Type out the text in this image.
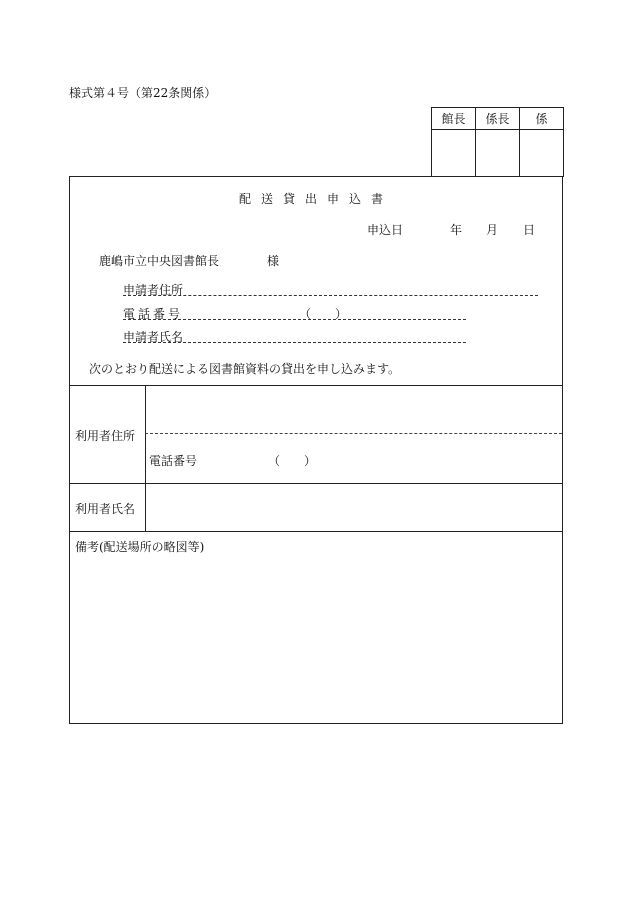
様式第４号（第22条関係）
館長	係長	係

配送貸出申込書
申込日	年 月 日
鹿嶋市立中央図書館長	様
申請者住所
電話番号	（　　）
申請者氏名
次のとおり配送による図書館資料の貸出を申し込みます。
利用者住所
電話番号	（　　）
利用者氏名
備考(配送場所の略図等)
